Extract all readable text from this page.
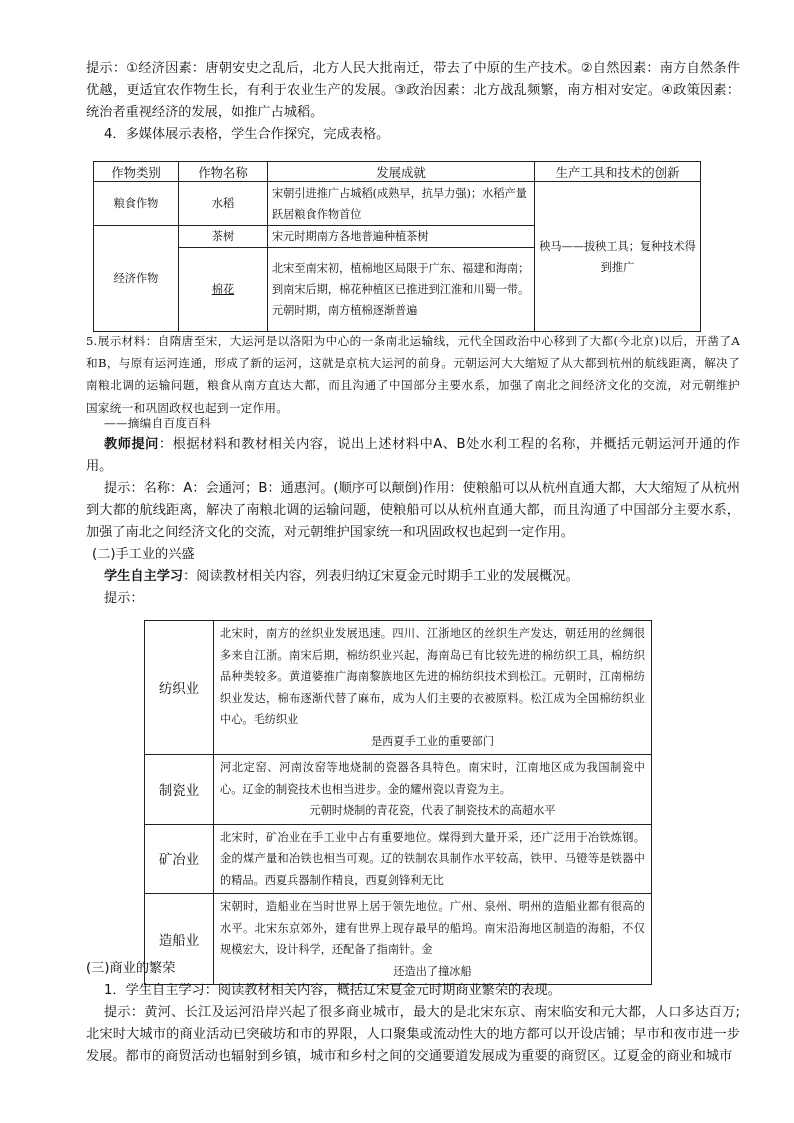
提示：①经济因素：唐朝安史之乱后，北方人民大批南迁，带去了中原的生产技术。②自然因素：南方自然条件优越，更适宜农作物生长，有利于农业生产的发展。③政治因素：北方战乱频繁，南方相对安定。④政策因素：统治者重视经济的发展，如推广占城稻。

4．多媒体展示表格，学生合作探究，完成表格。

作物类别	作物名称	发展成就	生产工具和技术的创新
粮食作物	水稻	宋朝引进推广占城稻(成熟早，抗旱力强)；水稻产量跃居粮食作物首位	秧马——拔秧工具；复种技术得到推广
经济作物	茶树	宋元时期南方各地普遍种植茶树	
	棉花	北宋至南宋初，植棉地区局限于广东、福建和海南；到南宋后期，棉花种植区已推进到江淮和川蜀一带。元朝时期，南方植棉逐渐普遍	

5.展示材料：自隋唐至宋，大运河是以洛阳为中心的一条南北运输线，元代全国政治中心移到了大都(今北京)以后，开凿了A和B，与原有运河连通，形成了新的运河，这就是京杭大运河的前身。元朝运河大大缩短了从大都到杭州的航线距离，解决了南粮北调的运输问题，粮食从南方直达大都，而且沟通了中国部分主要水系，加强了南北之间经济文化的交流，对元朝维护国家统一和巩固政权也起到一定作用。

——摘编自百度百科

教师提问：根据材料和教材相关内容，说出上述材料中A、B处水利工程的名称，并概括元朝运河开通的作用。

提示：名称：A：会通河；B：通惠河。(顺序可以颠倒)作用：使粮船可以从杭州直通大都，大大缩短了从杭州到大都的航线距离，解决了南粮北调的运输问题，使粮船可以从杭州直通大都，而且沟通了中国部分主要水系，加强了南北之间经济文化的交流，对元朝维护国家统一和巩固政权也起到一定作用。

(二)手工业的兴盛

学生自主学习：阅读教材相关内容，列表归纳辽宋夏金元时期手工业的发展概况。

提示：

纺织业	北宋时，南方的丝织业发展迅速。四川、江浙地区的丝织生产发达，朝廷用的丝绸很多来自江浙。南宋后期，棉纺织业兴起，海南岛已有比较先进的棉纺织工具，棉纺织品种类较多。黄道婆推广海南黎族地区先进的棉纺织技术到松江。元朝时，江南棉纺织业发达，棉布逐渐代替了麻布，成为人们主要的衣被原料。松江成为全国棉纺织业中心。毛纺织业
是西夏手工业的重要部门

制瓷业	河北定窑、河南汝窑等地烧制的瓷器各具特色。南宋时，江南地区成为我国制瓷中心。辽金的制瓷技术也相当进步。金的耀州瓷以青瓷为主。
元朝时烧制的青花瓷，代表了制瓷技术的高超水平

矿冶业	北宋时，矿冶业在手工业中占有重要地位。煤得到大量开采，还广泛用于冶铁炼钢。金的煤产量和冶铁也相当可观。辽的铁制农具制作水平较高，铁甲、马镫等是铁器中的精品。西夏兵器制作精良，西夏剑锋利无比
造船业	宋朝时，造船业在当时世界上居于领先地位。广州、泉州、明州的造船业都有很高的水平。北宋东京郊外，建有世界上现存最早的船坞。南宋沿海地区制造的海船，不仅规模宏大，设计科学，还配备了指南针。金
还造出了撞冰船

(三)商业的繁荣

1．学生自主学习：阅读教材相关内容，概括辽宋夏金元时期商业繁荣的表现。

提示：黄河、长江及运河沿岸兴起了很多商业城市，最大的是北宋东京、南宋临安和元大都，人口多达百万;北宋时大城市的商业活动已突破坊和市的界限，人口聚集或流动性大的地方都可以开设店铺；早市和夜市进一步发展。都市的商贸活动也辐射到乡镇，城市和乡村之间的交通要道发展成为重要的商贸区。辽夏金的商业和城市
